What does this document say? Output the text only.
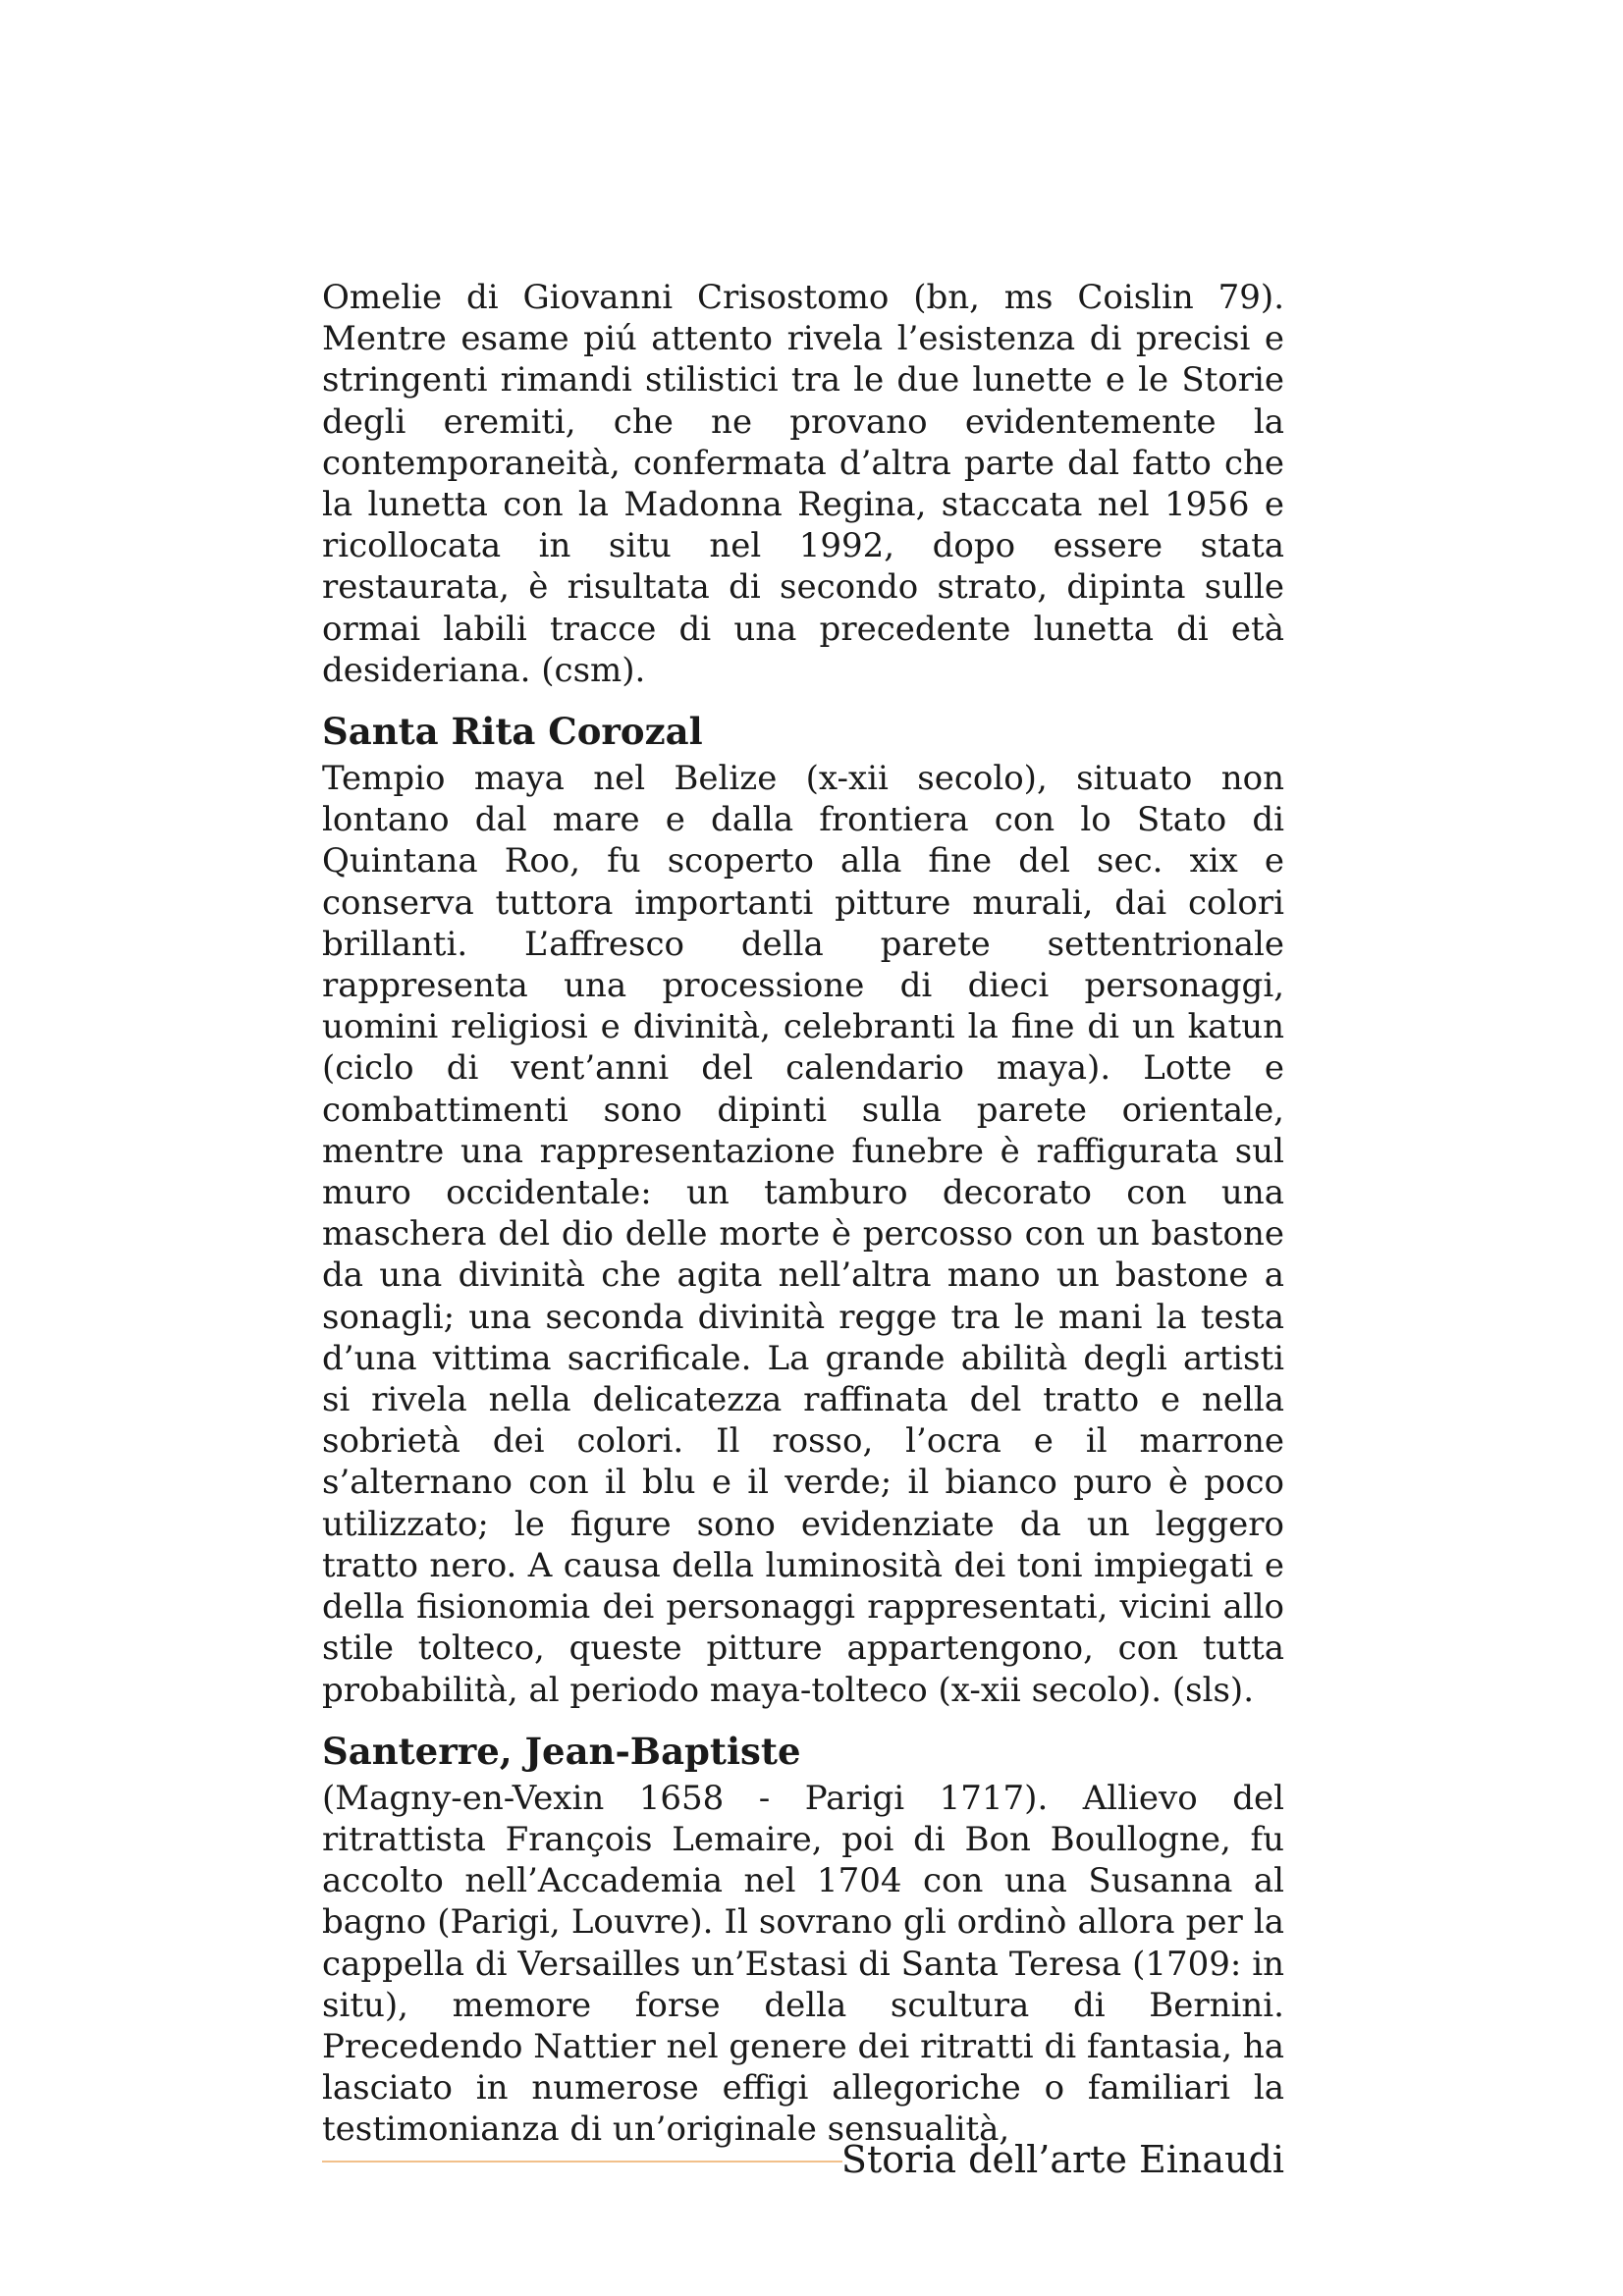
Omelie di Giovanni Crisostomo (bn, ms Coislin 79). Mentre esame piú attento rivela l’esistenza di precisi e stringenti rimandi stilistici tra le due lunette e le Storie degli eremiti, che ne provano evidentemente la contemporaneità, confermata d’altra parte dal fatto che la lunetta con la Madonna Regina, staccata nel 1956 e ricollocata in situ nel 1992, dopo essere stata restaurata, è risultata di secondo strato, dipinta sulle ormai labili tracce di una precedente lunetta di età desideriana. (csm).

Santa Rita Corozal

Tempio maya nel Belize (x-xii secolo), situato non lontano dal mare e dalla frontiera con lo Stato di Quintana Roo, fu scoperto alla fine del sec. xix e conserva tuttora importanti pitture murali, dai colori brillanti. L’affresco della parete settentrionale rappresenta una processione di dieci personaggi, uomini religiosi e divinità, celebranti la fine di un katun (ciclo di vent’anni del calendario maya). Lotte e combattimenti sono dipinti sulla parete orientale, mentre una rappresentazione funebre è raffigurata sul muro occidentale: un tamburo decorato con una maschera del dio delle morte è percosso con un bastone da una divinità che agita nell’altra mano un bastone a sonagli; una seconda divinità regge tra le mani la testa d’una vittima sacrificale. La grande abilità degli artisti si rivela nella delicatezza raffinata del tratto e nella sobrietà dei colori. Il rosso, l’ocra e il marrone s’alternano con il blu e il verde; il bianco puro è poco utilizzato; le figure sono evidenziate da un leggero tratto nero. A causa della luminosità dei toni impiegati e della fisionomia dei personaggi rappresentati, vicini allo stile tolteco, queste pitture appartengono, con tutta probabilità, al periodo maya-tolteco (x-xii secolo). (sls).

Santerre, Jean-Baptiste

(Magny-en-Vexin 1658 - Parigi 1717). Allievo del ritrattista François Lemaire, poi di Bon Boullogne, fu accolto nell’Accademia nel 1704 con una Susanna al bagno (Parigi, Louvre). Il sovrano gli ordinò allora per la cappella di Versailles un’Estasi di Santa Teresa (1709: in situ), memore forse della scultura di Bernini. Precedendo Nattier nel genere dei ritratti di fantasia, ha lasciato in numerose effigi allegoriche o familiari la testimonianza di un’originale sensualità,

Storia dell’arte Einaudi
